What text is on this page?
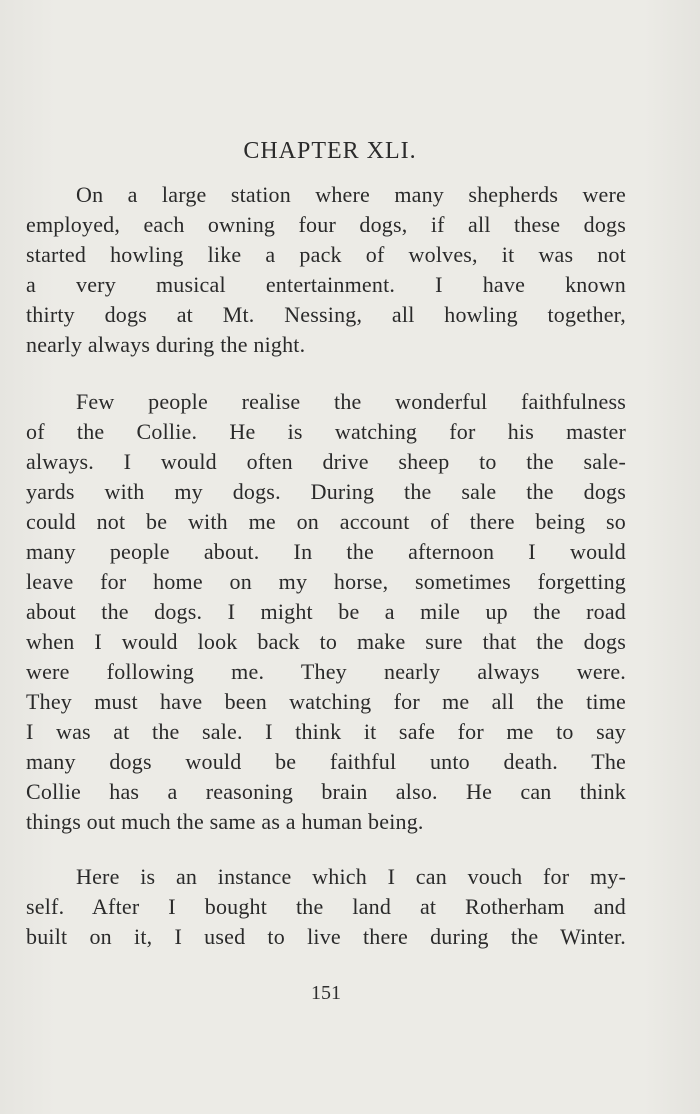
CHAPTER XLI.
On a large station where many shepherds were
employed, each owning four dogs, if all these dogs
started howling like a pack of wolves, it was not
a very musical entertainment. I have known
thirty dogs at Mt. Nessing, all howling together,
nearly always during the night.
Few people realise the wonderful faithfulness
of the Collie. He is watching for his master
always. I would often drive sheep to the sale-
yards with my dogs. During the sale the dogs
could not be with me on account of there being so
many people about. In the afternoon I would
leave for home on my horse, sometimes forgetting
about the dogs. I might be a mile up the road
when I would look back to make sure that the dogs
were following me. They nearly always were.
They must have been watching for me all the time
I was at the sale. I think it safe for me to say
many dogs would be faithful unto death. The
Collie has a reasoning brain also. He can think
things out much the same as a human being.
Here is an instance which I can vouch for my-
self. After I bought the land at Rotherham and
built on it, I used to live there during the Winter.
151
